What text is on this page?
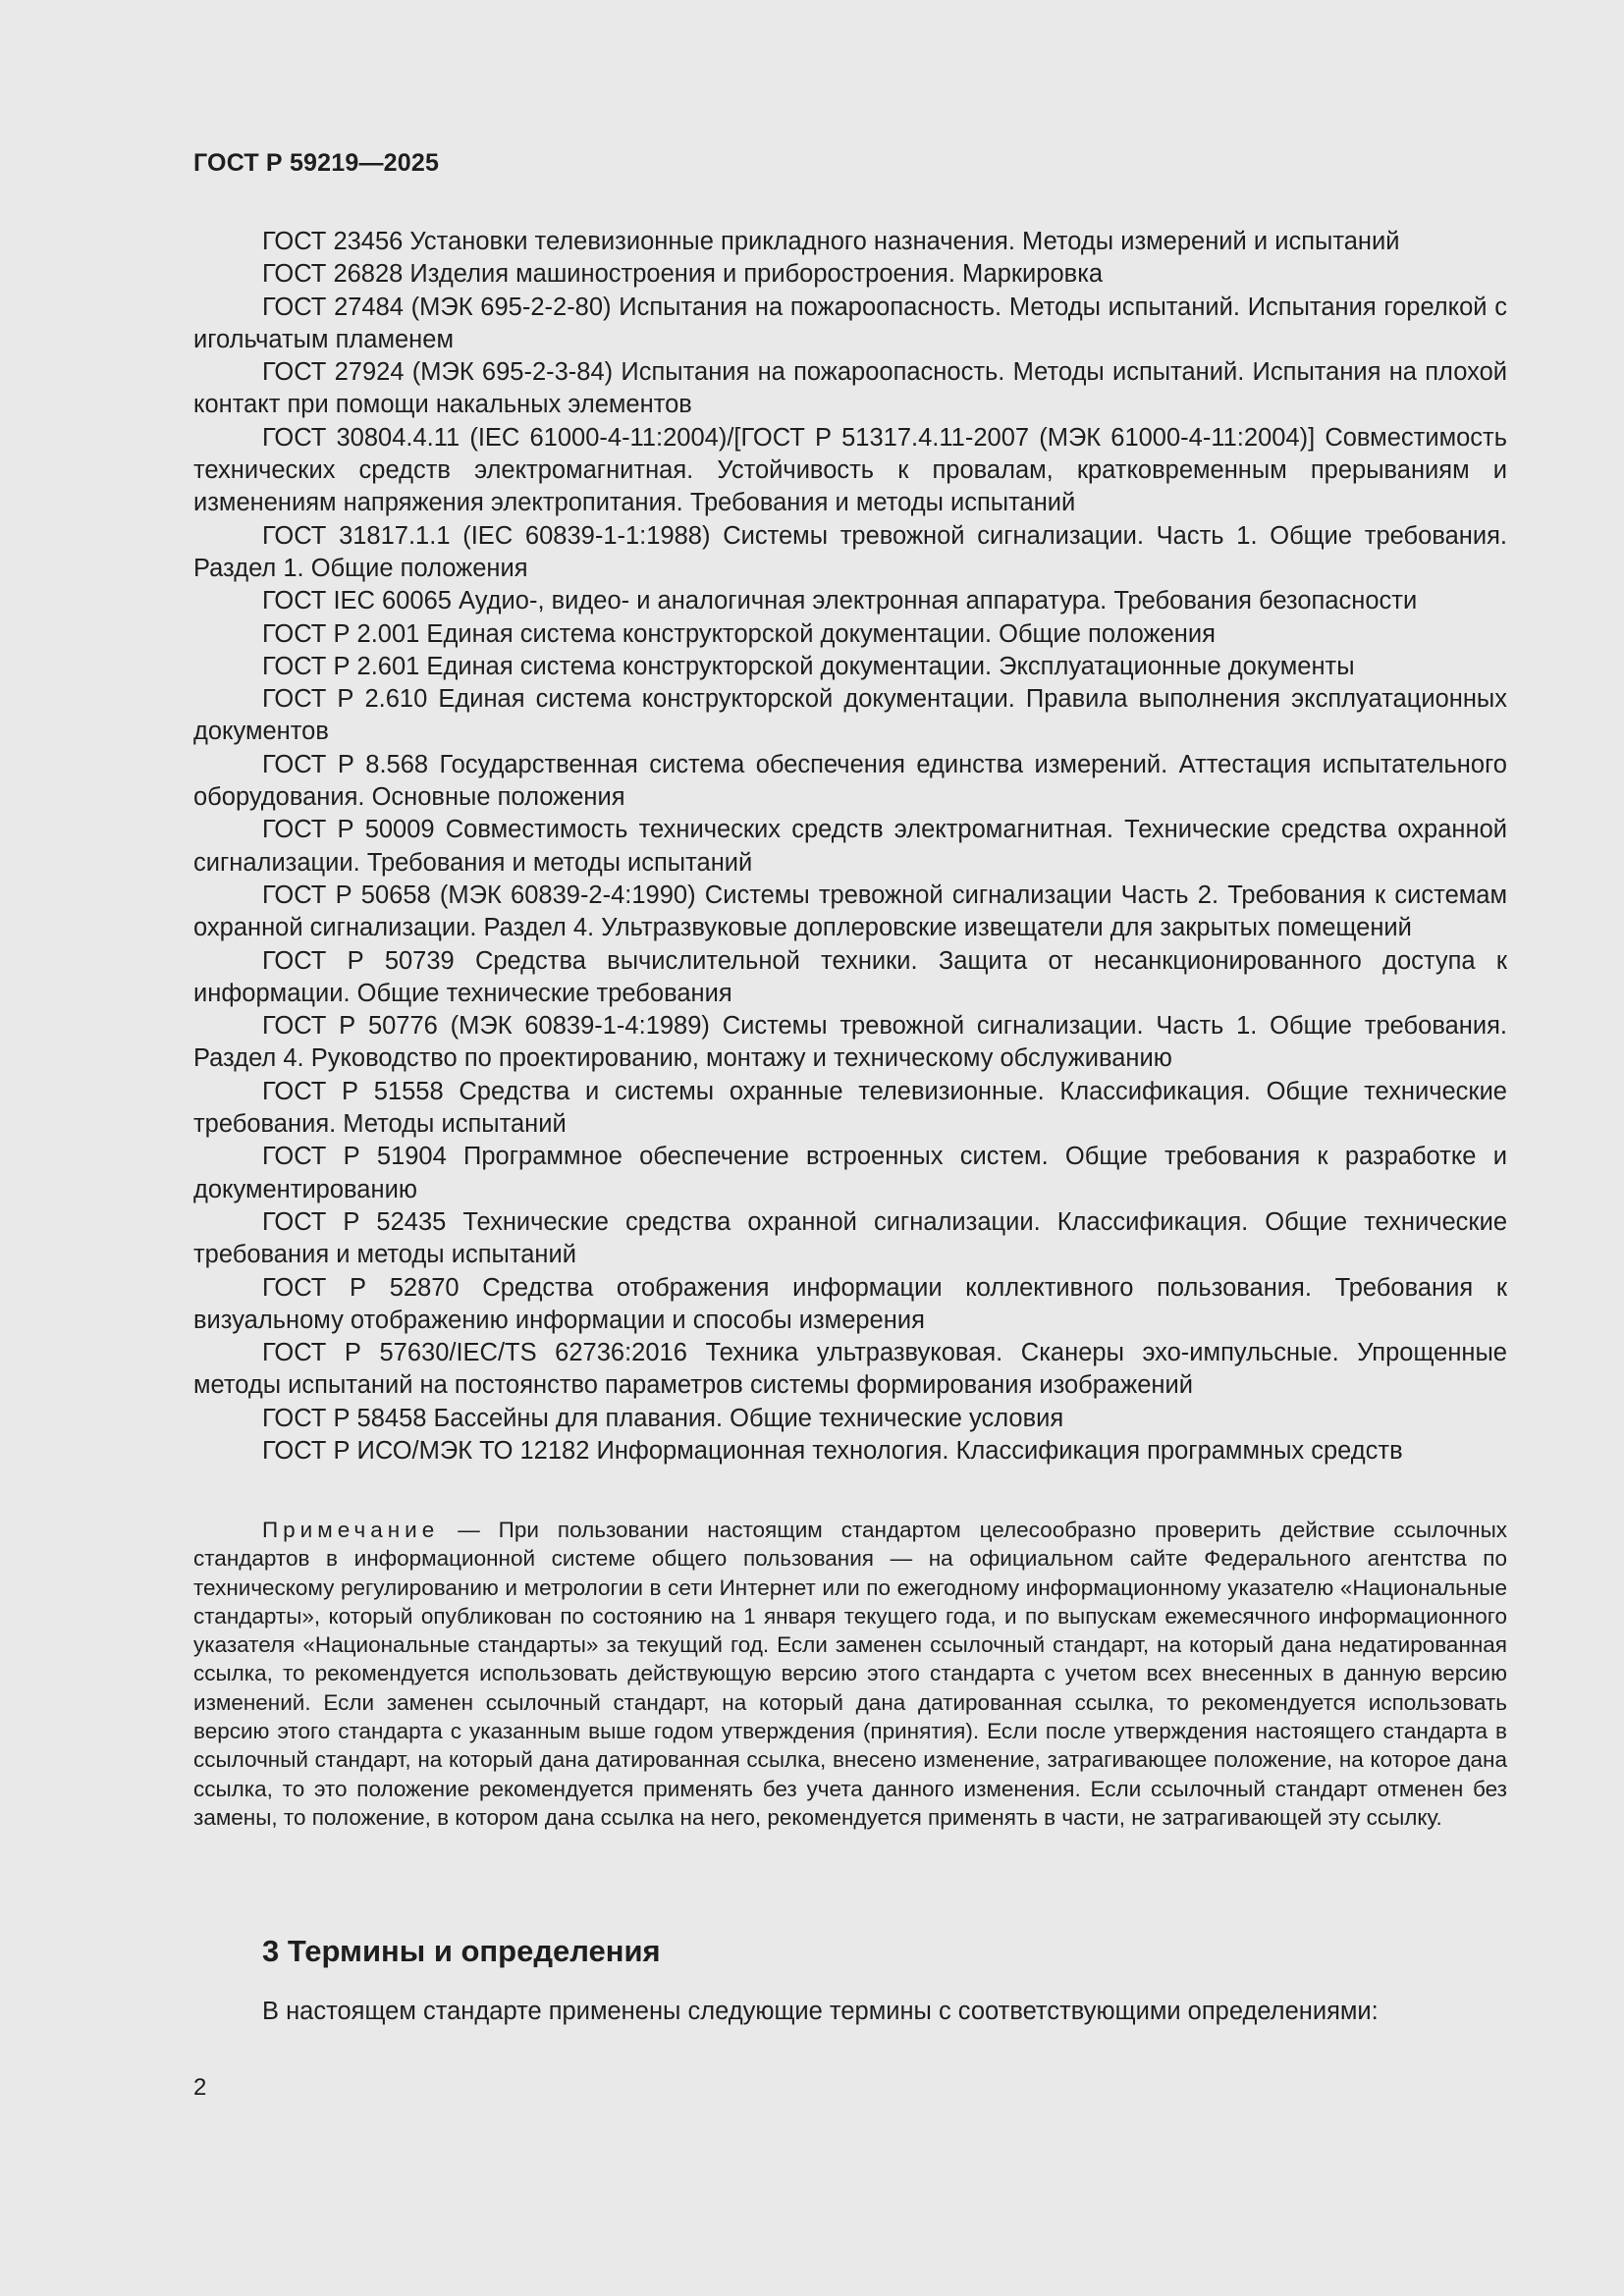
ГОСТ Р 59219—2025

ГОСТ 23456 Установки телевизионные прикладного назначения. Методы измерений и испытаний

ГОСТ 26828 Изделия машиностроения и приборостроения. Маркировка

ГОСТ 27484 (МЭК 695-2-2-80) Испытания на пожароопасность. Методы испытаний. Испытания горелкой с игольчатым пламенем

ГОСТ 27924 (МЭК 695-2-3-84) Испытания на пожароопасность. Методы испытаний. Испытания на плохой контакт при помощи накальных элементов

ГОСТ 30804.4.11 (IEC 61000-4-11:2004)/[ГОСТ Р 51317.4.11-2007 (МЭК 61000-4-11:2004)] Совместимость технических средств электромагнитная. Устойчивость к провалам, кратковременным прерываниям и изменениям напряжения электропитания. Требования и методы испытаний

ГОСТ 31817.1.1 (IEC 60839-1-1:1988) Системы тревожной сигнализации. Часть 1. Общие требования. Раздел 1. Общие положения

ГОСТ IEC 60065 Аудио-, видео- и аналогичная электронная аппаратура. Требования безопасности

ГОСТ Р 2.001 Единая система конструкторской документации. Общие положения

ГОСТ Р 2.601 Единая система конструкторской документации. Эксплуатационные документы

ГОСТ Р 2.610 Единая система конструкторской документации. Правила выполнения эксплуатационных документов

ГОСТ Р 8.568 Государственная система обеспечения единства измерений. Аттестация испытательного оборудования. Основные положения

ГОСТ Р 50009 Совместимость технических средств электромагнитная. Технические средства охранной сигнализации. Требования и методы испытаний

ГОСТ Р 50658 (МЭК 60839-2-4:1990) Системы тревожной сигнализации Часть 2. Требования к системам охранной сигнализации. Раздел 4. Ультразвуковые доплеровские извещатели для закрытых помещений

ГОСТ Р 50739 Средства вычислительной техники. Защита от несанкционированного доступа к информации. Общие технические требования

ГОСТ Р 50776 (МЭК 60839-1-4:1989) Системы тревожной сигнализации. Часть 1. Общие требования. Раздел 4. Руководство по проектированию, монтажу и техническому обслуживанию

ГОСТ Р 51558 Средства и системы охранные телевизионные. Классификация. Общие технические требования. Методы испытаний

ГОСТ Р 51904 Программное обеспечение встроенных систем. Общие требования к разработке и документированию

ГОСТ Р 52435 Технические средства охранной сигнализации. Классификация. Общие технические требования и методы испытаний

ГОСТ Р 52870 Средства отображения информации коллективного пользования. Требования к визуальному отображению информации и способы измерения

ГОСТ Р 57630/IEC/TS 62736:2016 Техника ультразвуковая. Сканеры эхо-импульсные. Упрощенные методы испытаний на постоянство параметров системы формирования изображений

ГОСТ Р 58458 Бассейны для плавания. Общие технические условия

ГОСТ Р ИСО/МЭК ТО 12182 Информационная технология. Классификация программных средств

Примечание — При пользовании настоящим стандартом целесообразно проверить действие ссылочных стандартов в информационной системе общего пользования — на официальном сайте Федерального агентства по техническому регулированию и метрологии в сети Интернет или по ежегодному информационному указателю «Национальные стандарты», который опубликован по состоянию на 1 января текущего года, и по выпускам ежемесячного информационного указателя «Национальные стандарты» за текущий год. Если заменен ссылочный стандарт, на который дана недатированная ссылка, то рекомендуется использовать действующую версию этого стандарта с учетом всех внесенных в данную версию изменений. Если заменен ссылочный стандарт, на который дана датированная ссылка, то рекомендуется использовать версию этого стандарта с указанным выше годом утверждения (принятия). Если после утверждения настоящего стандарта в ссылочный стандарт, на который дана датированная ссылка, внесено изменение, затрагивающее положение, на которое дана ссылка, то это положение рекомендуется применять без учета данного изменения. Если ссылочный стандарт отменен без замены, то положение, в котором дана ссылка на него, рекомендуется применять в части, не затрагивающей эту ссылку.

3 Термины и определения

В настоящем стандарте применены следующие термины с соответствующими определениями:

2
